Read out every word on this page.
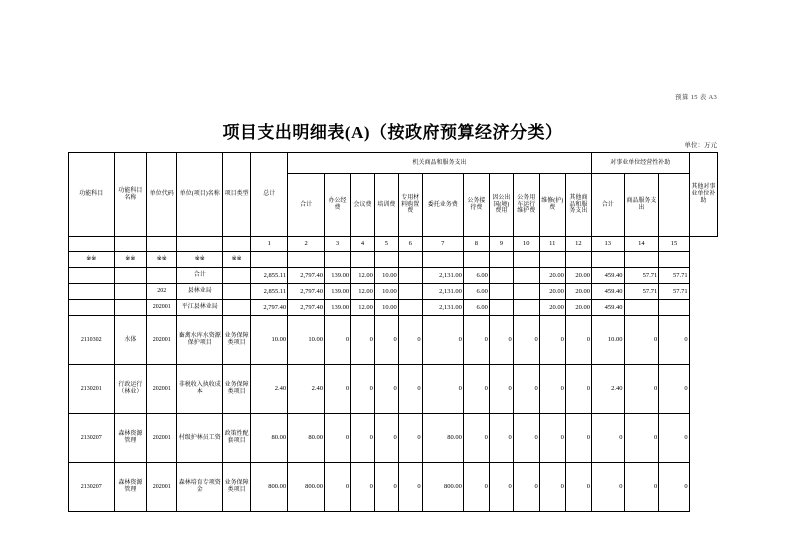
预算 15 表 A3
项目支出明细表(A)（按政府预算经济分类）
单位：万元
功能科目	功能科目名称	单位代码	单位(项目)名称	项目类型	总计	机关商品和服务支出											对事业单位经营性补助			其他对事业单位补助
						合计	办公经费	会议费	培训费	专用材料购置费	委托业务费	公务接待费	因公出国(境)费用	公务用车运行维护费	维修(护)费	其他商品和服务支出	合计	商品服务支出		
					1	2	3	4	5	6	7	8	9	10	11	12	13	14	15	
※※	※※	※※	※※	※※																
			合计		2,855.11	2,797.40	139.00	12.00	10.00		2,131.00	6.00			20.00	20.00	459.40	57.71	57.71	
		202	县林业局		2,855.11	2,797.40	139.00	12.00	10.00		2,131.00	6.00			20.00	20.00	459.40	57.71	57.71	
		202001	平江县林业局		2,797.40	2,797.40	139.00	12.00	10.00		2,131.00	6.00			20.00	20.00	459.40			
2110302	水体	202001	畜禽水库水资源保护项目	业务保障类项目	10.00	10.00	0	0	0	0	0	0	0	0	0	0	10.00	0	0	
2130201	行政运行（林业）	202001	非税收入执收成本	业务保障类项目	2.40	2.40	0	0	0	0	0	0	0	0	0	0	2.40	0	0	
2130207	森林资源管理	202001	村级护林员工资	政策性配套项目	80.00	80.00	0	0	0	0	80.00	0	0	0	0	0	0	0	0	
2130207	森林资源管理	202001	森林培育专项资金	业务保障类项目	800.00	800.00	0	0	0	0	800.00	0	0	0	0	0	0	0	0	
